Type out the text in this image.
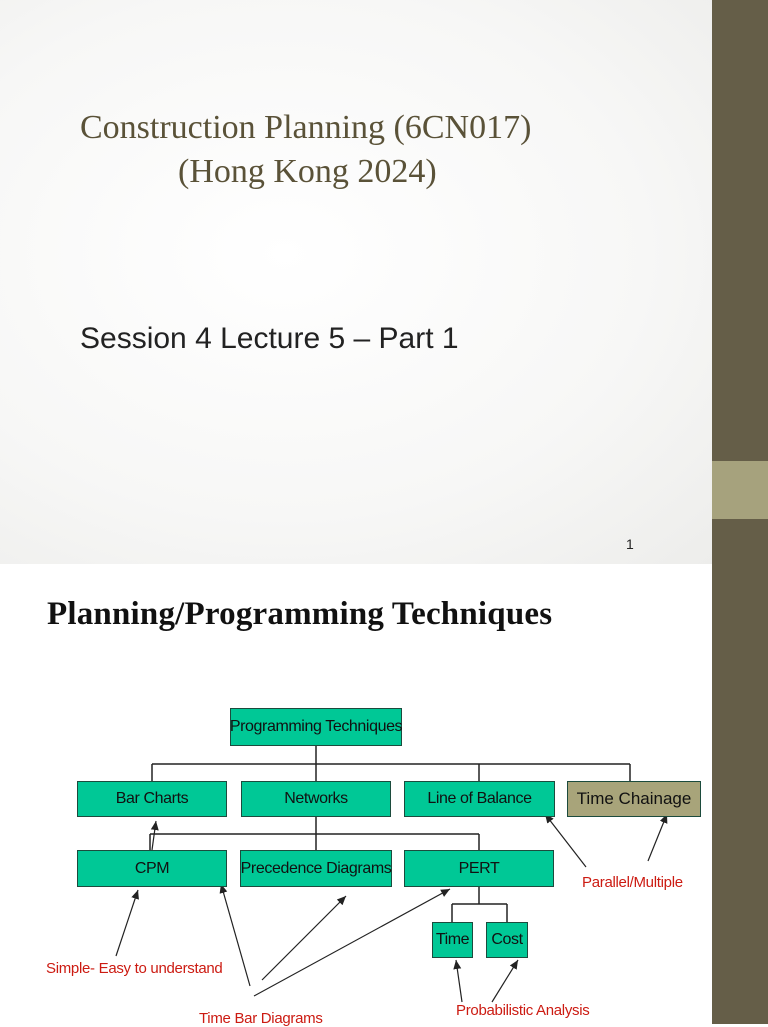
Construction Planning (6CN017)
(Hong Kong 2024)
Session 4 Lecture 5 – Part 1
1
Planning/Programming Techniques
Programming Techniques
Bar Charts	Networks	Line of Balance	Time Chainage
CPM	Precedence Diagrams	PERT
Time	Cost
Simple- Easy to understand
Time Bar Diagrams
Parallel/Multiple
Probabilistic Analysis
